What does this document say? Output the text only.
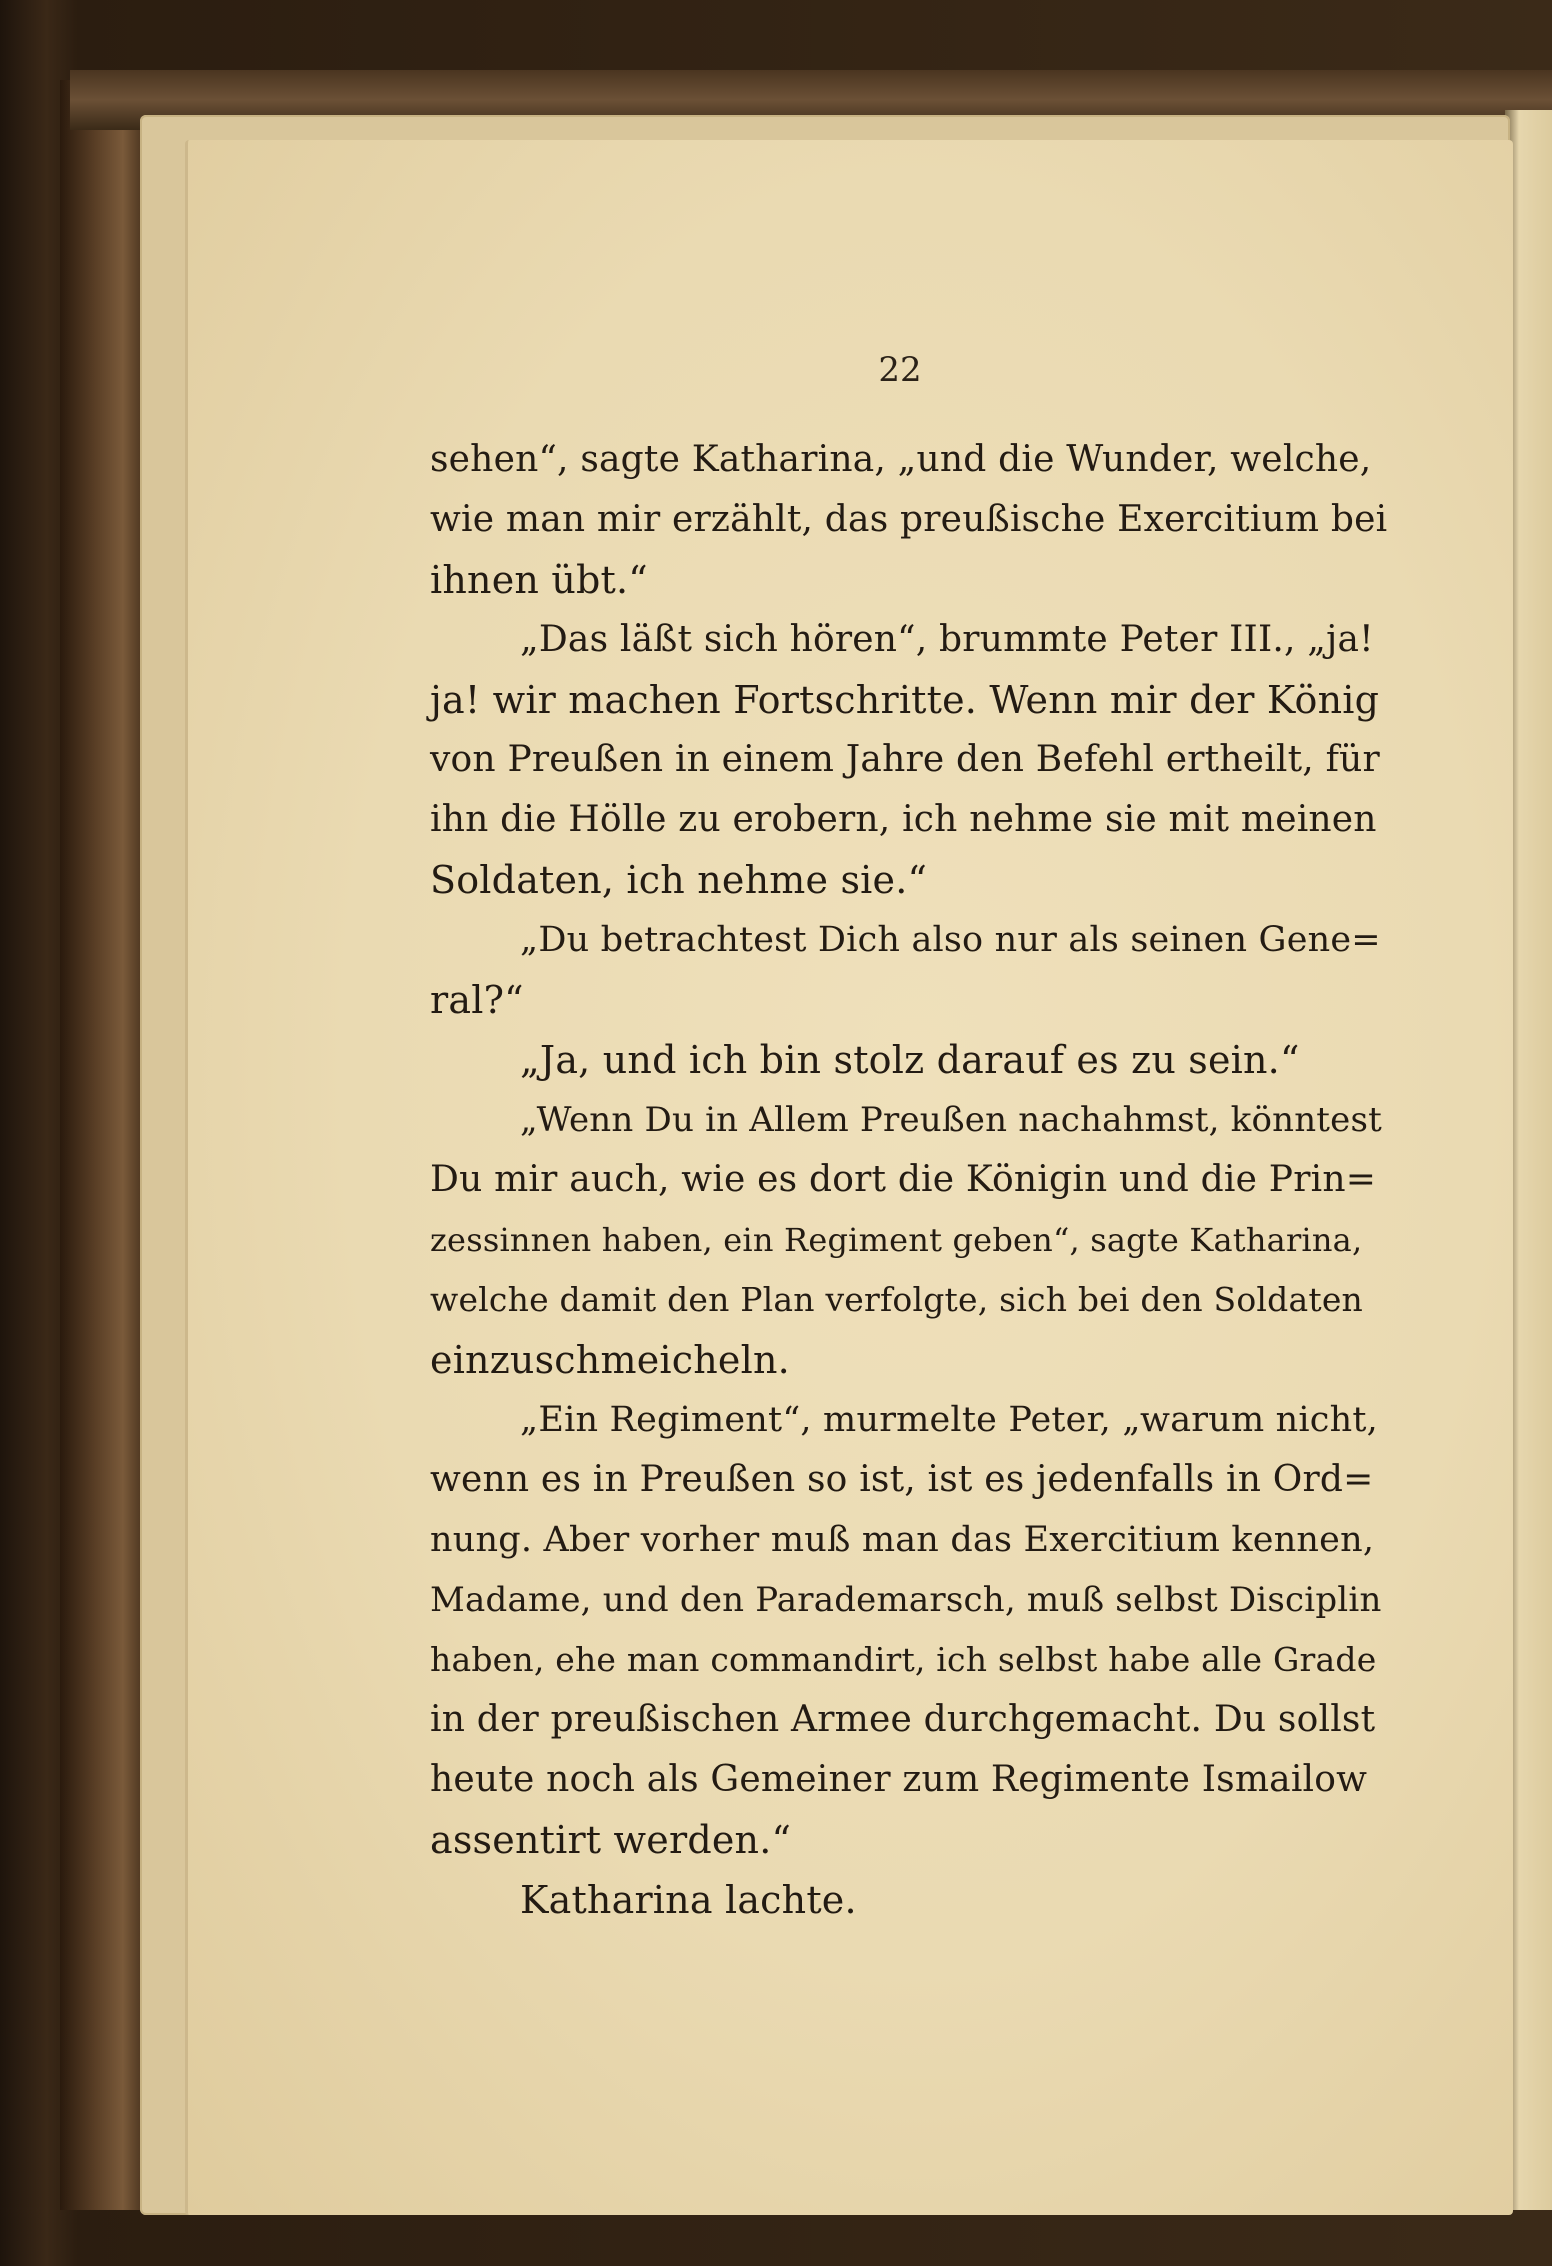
22
sehen“, sagte Katharina, „und die Wunder, welche,
wie man mir erzählt, das preußische Exercitium bei
ihnen übt.“
„Das läßt sich hören“, brummte Peter III., „ja!
ja! wir machen Fortschritte. Wenn mir der König
von Preußen in einem Jahre den Befehl ertheilt, für
ihn die Hölle zu erobern, ich nehme sie mit meinen
Soldaten, ich nehme sie.“
„Du betrachtest Dich also nur als seinen Gene=
ral?“
„Ja, und ich bin stolz darauf es zu sein.“
„Wenn Du in Allem Preußen nachahmst, könntest
Du mir auch, wie es dort die Königin und die Prin=
zessinnen haben, ein Regiment geben“, sagte Katharina,
welche damit den Plan verfolgte, sich bei den Soldaten
einzuschmeicheln.
„Ein Regiment“, murmelte Peter, „warum nicht,
wenn es in Preußen so ist, ist es jedenfalls in Ord=
nung. Aber vorher muß man das Exercitium kennen,
Madame, und den Parademarsch, muß selbst Disciplin
haben, ehe man commandirt, ich selbst habe alle Grade
in der preußischen Armee durchgemacht. Du sollst
heute noch als Gemeiner zum Regimente Ismailow
assentirt werden.“
Katharina lachte.
